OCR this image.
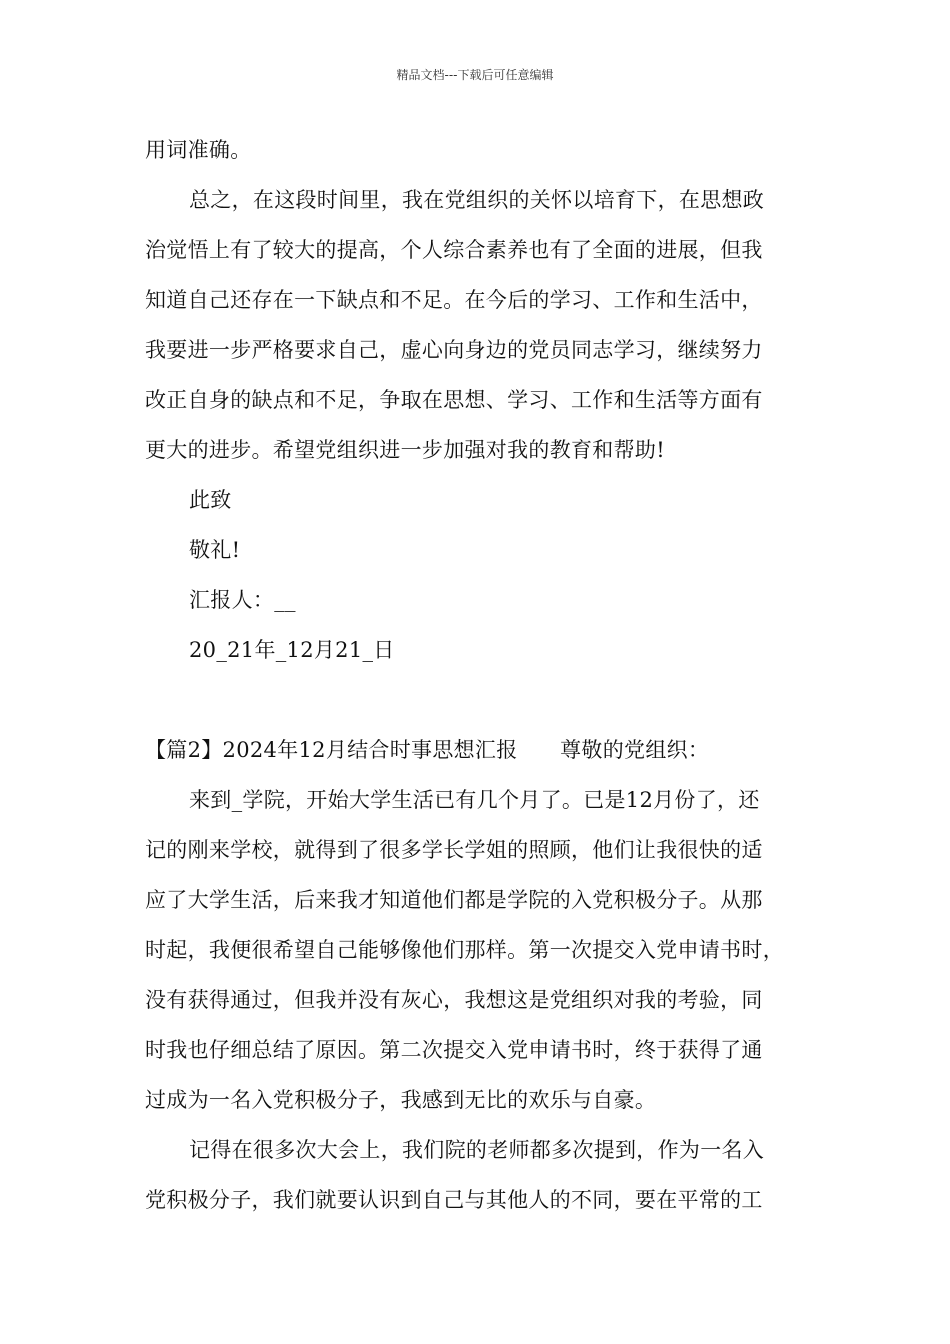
精品文档---下载后可任意编辑
用词准确。
总之，在这段时间里，我在党组织的关怀以培育下，在思想政
治觉悟上有了较大的提高，个人综合素养也有了全面的进展，但我
知道自己还存在一下缺点和不足。在今后的学习、工作和生活中，
我要进一步严格要求自己，虚心向身边的党员同志学习，继续努力
改正自身的缺点和不足，争取在思想、学习、工作和生活等方面有
更大的进步。希望党组织进一步加强对我的教育和帮助!
此致
敬礼!
汇报人：__
20_21年_12月21_日
【篇2】2024年12月结合时事思想汇报　　尊敬的党组织：
来到_学院，开始大学生活已有几个月了。已是12月份了，还
记的刚来学校，就得到了很多学长学姐的照顾，他们让我很快的适
应了大学生活，后来我才知道他们都是学院的入党积极分子。从那
时起，我便很希望自己能够像他们那样。第一次提交入党申请书时，
没有获得通过，但我并没有灰心，我想这是党组织对我的考验，同
时我也仔细总结了原因。第二次提交入党申请书时，终于获得了通
过成为一名入党积极分子，我感到无比的欢乐与自豪。
记得在很多次大会上，我们院的老师都多次提到，作为一名入
党积极分子，我们就要认识到自己与其他人的不同，要在平常的工
